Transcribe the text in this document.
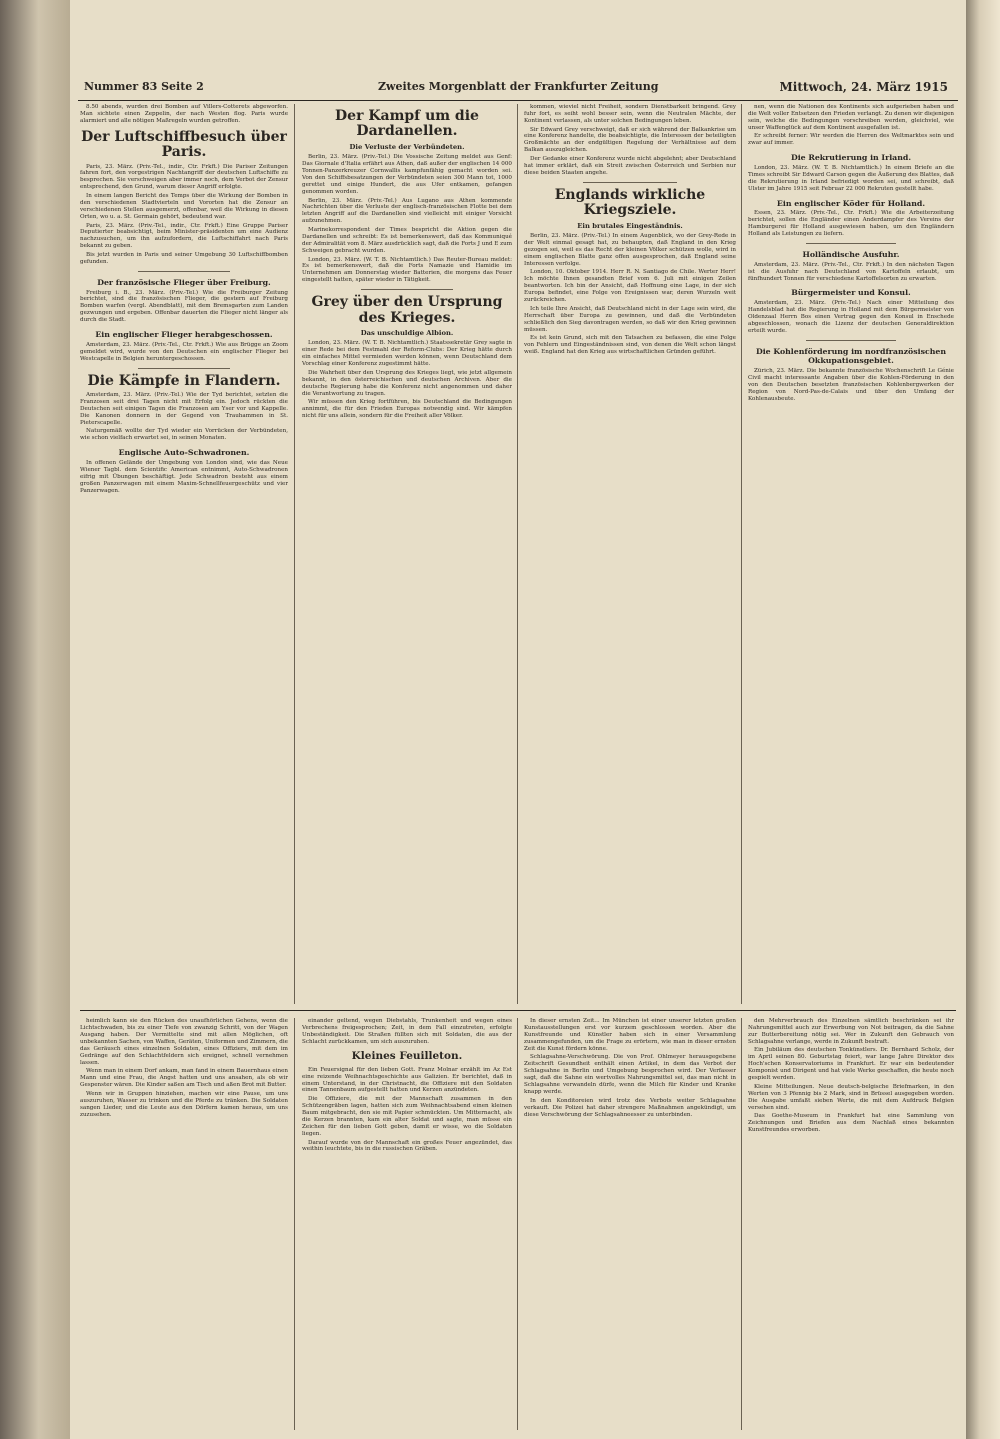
Nummer 83 Seite 2	Zweites Morgenblatt der Frankfurter Zeitung	Mittwoch, 24. März 1915

8.50 abends, wurden drei Bomben auf Villers-Cotterets abgeworfen. Man sichtete einen Zeppelin, der nach Westen flog. Paris wurde alarmiert und alle nötigen Maßregeln wurden getroffen.

Der Luftschiffbesuch über Paris.

Paris, 23. März. (Priv.-Tel., indir., Ctr. Frkft.) Die Pariser Zeitungen fahren fort, den vorgestrigen Nachtangriff der deutschen Luftschiffe zu besprechen. Sie verschweigen aber immer noch, dem Verbot der Zensur entsprechend, den Grund, warum dieser Angriff erfolgte.

In einem langen Bericht des Temps über die Wirkung der Bomben in den verschiedenen Stadtvierteln und Vororten hat die Zensur an verschiedenen Stellen ausgemerzt, offenbar, weil die Wirkung in diesen Orten, wo u. a. St. Germain gehört, bedeutend war.

Paris, 23. März. (Priv.-Tel., indir., Ctr. Frkft.) Eine Gruppe Pariser Deputierter beabsichtigt, beim Minister-präsidenten um eine Audienz nachzusuchen, um ihn aufzufordern, die Luftschiffahrt nach Paris bekannt zu geben.

Bis jetzt wurden in Paris und seiner Umgebung 30 Luftschiffbomben gefunden.

Der französische Flieger über Freiburg.

Freiburg i. B., 23. März. (Priv.-Tel.) Wie die Freiburger Zeitung berichtet, sind die französischen Flieger, die gestern auf Freiburg Bomben warfen (vergl. Abendblatt), mit dem Bremsgarten zum Landen gezwungen und ergeben. Offenbar dauerten die Flieger nicht länger als durch die Stadt.

Ein englischer Flieger herabgeschossen.

Amsterdam, 23. März. (Priv.-Tel., Ctr. Frkft.) Wie aus Brügge an Zoom gemeldet wird, wurde von den Deutschen ein englischer Flieger bei Westcapelle in Belgien heruntergeschossen.

Die Kämpfe in Flandern.

Amsterdam, 23. März. (Priv.-Tel.) Wie der Tyd berichtet, setzten die Franzosen seit drei Tagen nicht mit Erfolg ein. Jedoch rückten die Deutschen seit einigen Tagen die Franzosen am Yser vor und Kappelle. Die Kanonen donnern in der Gegend von Trauhammen in St. Pieterscapelle.

Naturgemäß wollte der Tyd wieder ein Vorrücken der Verbündeten, wie schon vielfach erwartet sei, in seinen Monaten.

Englische Auto-Schwadronen.

In offenen Gelände der Umgebung von London sind, wie das Neue Wiener Tagbl. dem Scientific American entnimmt, Auto-Schwadronen eifrig mit Übungen beschäftigt. Jede Schwadron besteht aus einem großen Panzerwagen mit einem Maxim-Schnellfeuergeschütz und vier Panzerwagen.

Der Kampf um die Dardanellen.
Die Verluste der Verbündeten.

Berlin, 23. März. (Priv.-Tel.) Die Vossische Zeitung meldet aus Genf: Das Giornale d'Italia erfährt aus Athen, daß außer der englischen 14 000 Tonnen-Panzerkreuzer Cornwallis kampfunfähig gemacht worden sei. Von den Schiffsbesatzungen der Verbündeten seien 300 Mann tot, 1000 gerettet und einige Hundert, die aus Ufer entkamen, gefangen genommen worden.

Berlin, 23. März. (Priv.-Tel.) Aus Lugano aus Athen kommende Nachrichten über die Verluste der englisch-französischen Flotte bei dem letzten Angriff auf die Dardanellen sind vielleicht mit einiger Vorsicht aufzunehmen.

Marinekorrespondent der Times bespricht die Aktion gegen die Dardanellen und schreibt: Es ist bemerkenswert, daß das Kommuniqué der Admiralität vom 8. März ausdrücklich sagt, daß die Forts J und E zum Schweigen gebracht wurden.

London, 23. März. (W. T. B. Nichtamtlich.) Das Reuter-Bureau meldet: Es ist bemerkenswert, daß die Forts Namazie und Hamidie im Unternehmen am Donnerstag wieder Batterien, die morgens das Feuer eingestellt hatten, später wieder in Tätigkeit.

Grey über den Ursprung des Krieges.
Das unschuldige Albion.

London, 23. März. (W. T. B. Nichtamtlich.) Staatssekretär Grey sagte in einer Rede bei dem Festmahl der Reform-Clubs: Der Krieg hätte durch ein einfaches Mittel vermieden werden können, wenn Deutschland dem Vorschlag einer Konferenz zugestimmt hätte.

Die Wahrheit über den Ursprung des Krieges liegt, wie jetzt allgemein bekannt, in den österreichischen und deutschen Archiven. Aber die deutsche Regierung habe die Konferenz nicht angenommen und daher die Verantwortung zu tragen.

Wir müssen den Krieg fortführen, bis Deutschland die Bedingungen annimmt, die für den Frieden Europas notwendig sind. Wir kämpfen nicht für uns allein, sondern für die Freiheit aller Völker.

kommen, wieviel nicht Freiheit, sondern Dienstbarkeit bringend. Grey fuhr fort, es seiht wohl besser sein, wenn die Neutralen Mächte, der Kontinent verlassen, als unter solchen Bedingungen leben.

Sir Edward Grey verschweigt, daß er sich während der Balkankrise um eine Konferenz handelte, die beabsichtigte, die Interessen der beteiligten Großmächte an der endgültigen Regelung der Verhältnisse auf dem Balkan auszugleichen.

Der Gedanke einer Konferenz wurde nicht abgelehnt; aber Deutschland hat immer erklärt, daß ein Streit zwischen Österreich und Serbien nur diese beiden Staaten angehe.

Englands wirkliche Kriegsziele.
Ein brutales Eingeständnis.

Berlin, 23. März. (Priv.-Tel.) In einem Augenblick, wo der Grey-Rede in der Welt einmal gesagt hat, zu behaupten, daß England in den Krieg gezogen sei, weil es das Recht der kleinen Völker schützen wolle, wird in einem englischen Blatte ganz offen ausgesprochen, daß England seine Interessen verfolge.

London, 10. Oktober 1914. Herr R. N. Santiago de Chile. Werter Herr! Ich möchte Ihnen gesandten Brief vom 6. Juli mit einigen Zeilen beantworten. Ich bin der Ansicht, daß Hoffnung eine Lage, in der sich Europa befindet, eine Folge von Ereignissen war, deren Wurzeln weit zurückreichen.

Ich teile Ihre Ansicht, daß Deutschland nicht in der Lage sein wird, die Herrschaft über Europa zu gewinnen, und daß die Verbündeten schließlich den Sieg davontragen werden, so daß wir den Krieg gewinnen müssen.

Es ist kein Grund, sich mit den Tatsachen zu befassen, die eine Folge von Fehlern und Eingeständnissen sind, von denen die Welt schon längst weiß. England hat den Krieg aus wirtschaftlichen Gründen geführt.

nen, wenn die Nationen des Kontinents sich aufgerieben haben und die Welt voller Entsetzen den Frieden verlangt. Zu denen wir diejenigen sein, welche die Bedingungen vorschreiben werden, gleichviel, wie unser Waffenglück auf dem Kontinent ausgefallen ist.

Er schreibt ferner: Wir werden die Herren des Weltmarktes sein und zwar auf immer.

Die Rekrutierung in Irland.

London, 23. März. (W. T. B. Nichtamtlich.) In einem Briefe an die Times schreibt Sir Edward Carson gegen die Äußerung des Blattes, daß die Rekrutierung in Irland befriedigt worden sei, und schreibt, daß Ulster im Jahre 1915 seit Februar 22 000 Rekruten gestellt habe.

Ein englischer Köder für Holland.

Essen, 23. März. (Priv.-Tel., Ctr. Frkft.) Wie die Arbeiterzeitung berichtet, sollen die Engländer einen Anderdampfer des Vereins der Hamburgerei für Holland ausgewiesen haben, um den Engländern Holland als Leistungen zu liefern.

Holländische Ausfuhr.

Amsterdam, 23. März. (Priv.-Tel., Ctr. Frkft.) In den nächsten Tagen ist die Ausfuhr nach Deutschland von Kartoffeln erlaubt, um fünfhundert Tonnen für verschiedene Kartoffelsorten zu erwarten.

Bürgermeister und Konsul.

Amsterdam, 23. März. (Priv.-Tel.) Nach einer Mitteilung des Handelsblad hat die Regierung in Holland mit dem Bürgermeister von Oldenzaal Herrn Bos einen Vertrag gegen den Konsul in Enschede abgeschlossen, wonach die Lizenz der deutschen Generaldirektion erteilt wurde.

Die Kohlenförderung im nordfranzösischen Okkupationsgebiet.

Zürich, 23. März. Die bekannte französische Wochenschrift Le Génie Civil macht interessante Angaben über die Kohlen-Förderung in den von den Deutschen besetzten französischen Kohlenbergwerken der Region von Nord-Pas-de-Calais und über den Umfang der Kohlenausbeute.

heimlich kann sie den Rücken des unaufhörlichen Gehens, wenn die Lichtschwaden, bis zu einer Tiefe von zwanzig Schritt, von der Wagen Ausgang haben. Der Vermittelte sind mit allen Möglichen, oft unbekannten Sachen, von Waffen, Geräten, Uniformen und Zimmern, die das Geräusch eines einzelnen Soldaten, eines Offiziers, mit dem im Gedränge auf den Schlachtfeldern sich ereignet, schnell vernehmen lassen.

Wenn man in einem Dorf ankam, man fand in einem Bauernhaus einen Mann und eine Frau, die Angst hatten und uns ansahen, als ob wir Gespenster wären. Die Kinder saßen am Tisch und aßen Brot mit Butter.

Wenn wir in Gruppen hinziehen, machen wir eine Pause, um uns auszuruhen, Wasser zu trinken und die Pferde zu tränken. Die Soldaten sangen Lieder, und die Leute aus den Dörfern kamen heraus, um uns zuzusehen.

einander geltend, wegen Diebstahls, Trunkenheit und wegen eines Verbrechens freigesprochen; Zeit, in dem Fall einzutreten, erfolgte Unbeständigkeit. Die Straßen füllten sich mit Soldaten, die aus der Schlacht zurückkamen, um sich auszuruhen.

Kleines Feuilleton.

Ein Feuersignal für den lieben Gott. Franz Molnar erzählt im Az Est eine reizende Weihnachtsgeschichte aus Galizien. Er berichtet, daß in einem Unterstand, in der Christnacht, die Offiziere mit den Soldaten einen Tannenbaum aufgestellt hatten und Kerzen anzündeten.

Die Offiziere, die mit der Mannschaft zusammen in den Schützengräben lagen, hatten sich zum Weihnachtsabend einen kleinen Baum mitgebracht, den sie mit Papier schmückten. Um Mitternacht, als die Kerzen brannten, kam ein alter Soldat und sagte, man müsse ein Zeichen für den lieben Gott geben, damit er wisse, wo die Soldaten liegen.

Darauf wurde von der Mannschaft ein großes Feuer angezündet, das weithin leuchtete, bis in die russischen Gräben.

In dieser ernsten Zeit... Im München ist einer unserer letzten großen Kunstausstellungen erst vor kurzem geschlossen worden. Aber die Kunstfreunde und Künstler haben sich in einer Versammlung zusammengefunden, um die Frage zu erörtern, wie man in dieser ernsten Zeit die Kunst fördern könne.

Schlagsahne-Verschwörung. Die von Prof. Ohlmeyer herausgegebene Zeitschrift Gesundheit enthält einen Artikel, in dem das Verbot der Schlagsahne in Berlin und Umgebung besprochen wird. Der Verfasser sagt, daß die Sahne ein wertvolles Nahrungsmittel sei, das man nicht in Schlagsahne verwandeln dürfe, wenn die Milch für Kinder und Kranke knapp werde.

In den Konditoreien wird trotz des Verbots weiter Schlagsahne verkauft. Die Polizei hat daher strengere Maßnahmen angekündigt, um diese Verschwörung der Schlagsahneesser zu unterbinden.

den Mehrverbrauch des Einzelnen sämtlich beschränken sei ihr Nahrungsmittel auch zur Erwerbung von Not beitragen, da die Sahne zur Butterbereitung nötig sei. Wer in Zukunft den Gebrauch von Schlagsahne verlange, werde in Zukunft bestraft.

Ein Jubiläum des deutschen Tonkünstlers. Dr. Bernhard Scholz, der im April seinen 80. Geburtstag feiert, war lange Jahre Direktor des Hoch'schen Konservatoriums in Frankfurt. Er war ein bedeutender Komponist und Dirigent und hat viele Werke geschaffen, die heute noch gespielt werden.

Kleine Mitteilungen. Neue deutsch-belgische Briefmarken, in den Werten von 3 Pfennig bis 2 Mark, sind in Brüssel ausgegeben worden. Die Ausgabe umfaßt sieben Werte, die mit dem Aufdruck Belgien versehen sind.

Das Goethe-Museum in Frankfurt hat eine Sammlung von Zeichnungen und Briefen aus dem Nachlaß eines bekannten Kunstfreundes erworben.
